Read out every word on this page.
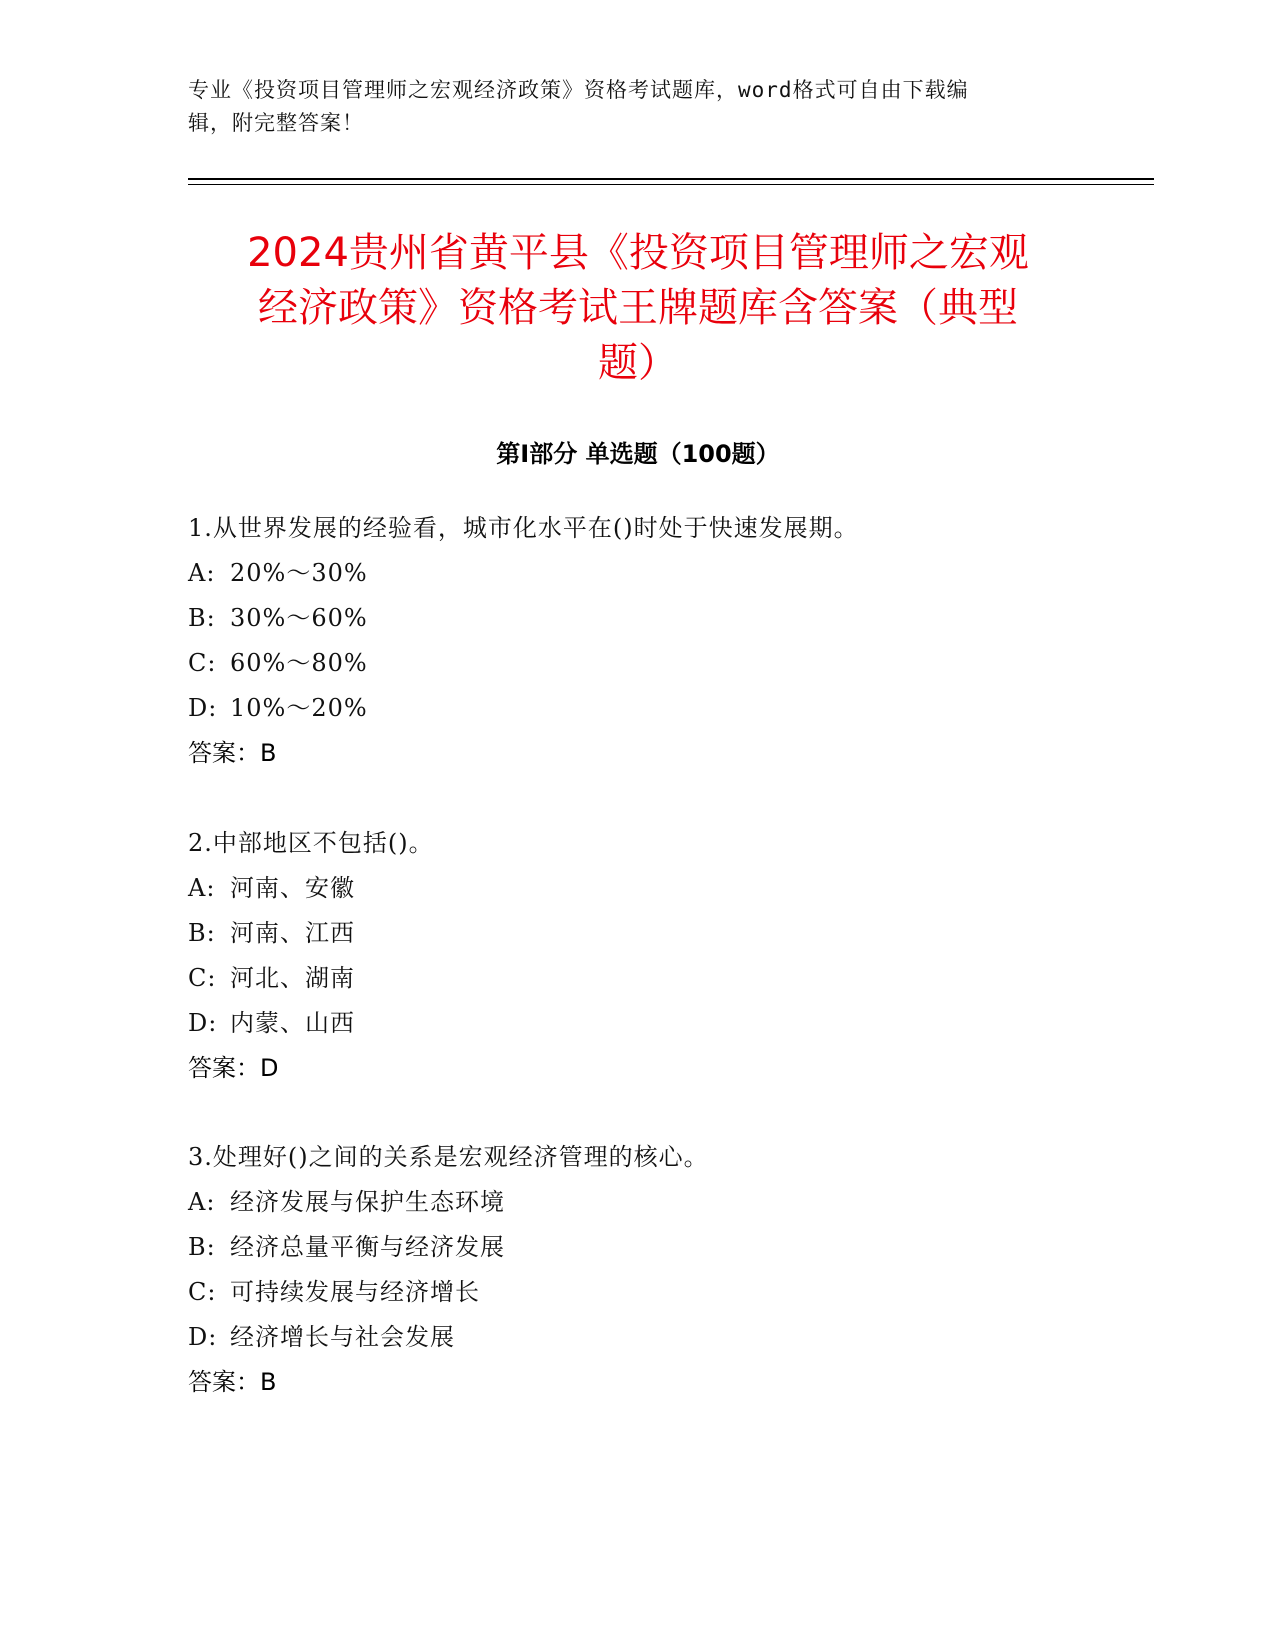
专业《投资项目管理师之宏观经济政策》资格考试题库，word格式可自由下载编
辑，附完整答案！
2024贵州省黄平县《投资项目管理师之宏观
经济政策》资格考试王牌题库含答案（典型
题）
第Ⅰ部分 单选题（100题）
1.从世界发展的经验看，城市化水平在()时处于快速发展期。
A: 20%～30%
B: 30%～60%
C: 60%～80%
D: 10%～20%
答案：B
2.中部地区不包括()。
A: 河南、安徽
B: 河南、江西
C: 河北、湖南
D: 内蒙、山西
答案：D
3.处理好()之间的关系是宏观经济管理的核心。
A: 经济发展与保护生态环境
B: 经济总量平衡与经济发展
C: 可持续发展与经济增长
D: 经济增长与社会发展
答案：B
